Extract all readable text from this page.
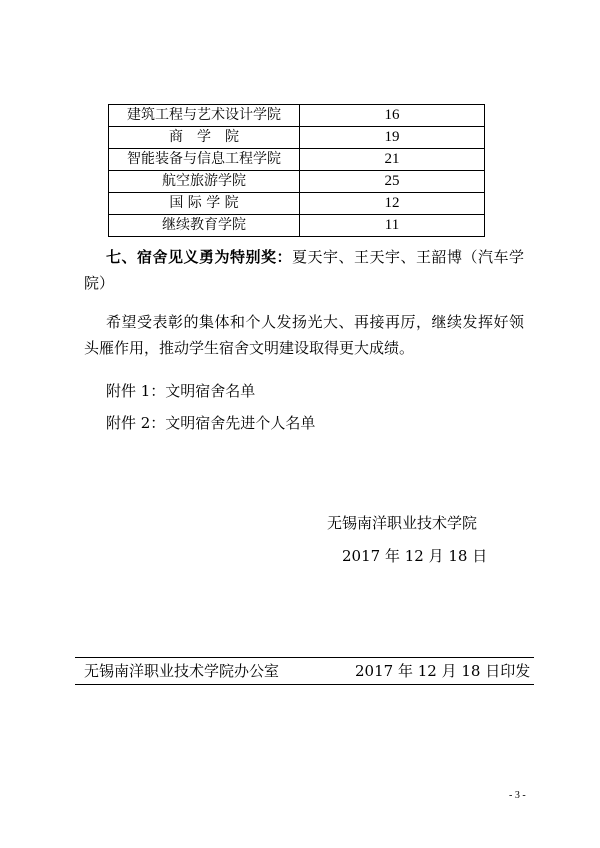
建筑工程与艺术设计学院	16
商　学　院	19
智能装备与信息工程学院	21
航空旅游学院	25
国 际 学 院	12
继续教育学院	11
七、宿舍见义勇为特别奖：夏天宇、王天宇、王韶博（汽车学院）
希望受表彰的集体和个人发扬光大、再接再厉，继续发挥好领头雁作用，推动学生宿舍文明建设取得更大成绩。
附件 1：文明宿舍名单
附件 2：文明宿舍先进个人名单
无锡南洋职业技术学院
2017 年 12 月 18 日
无锡南洋职业技术学院办公室	2017 年 12 月 18 日印发
- 3 -
